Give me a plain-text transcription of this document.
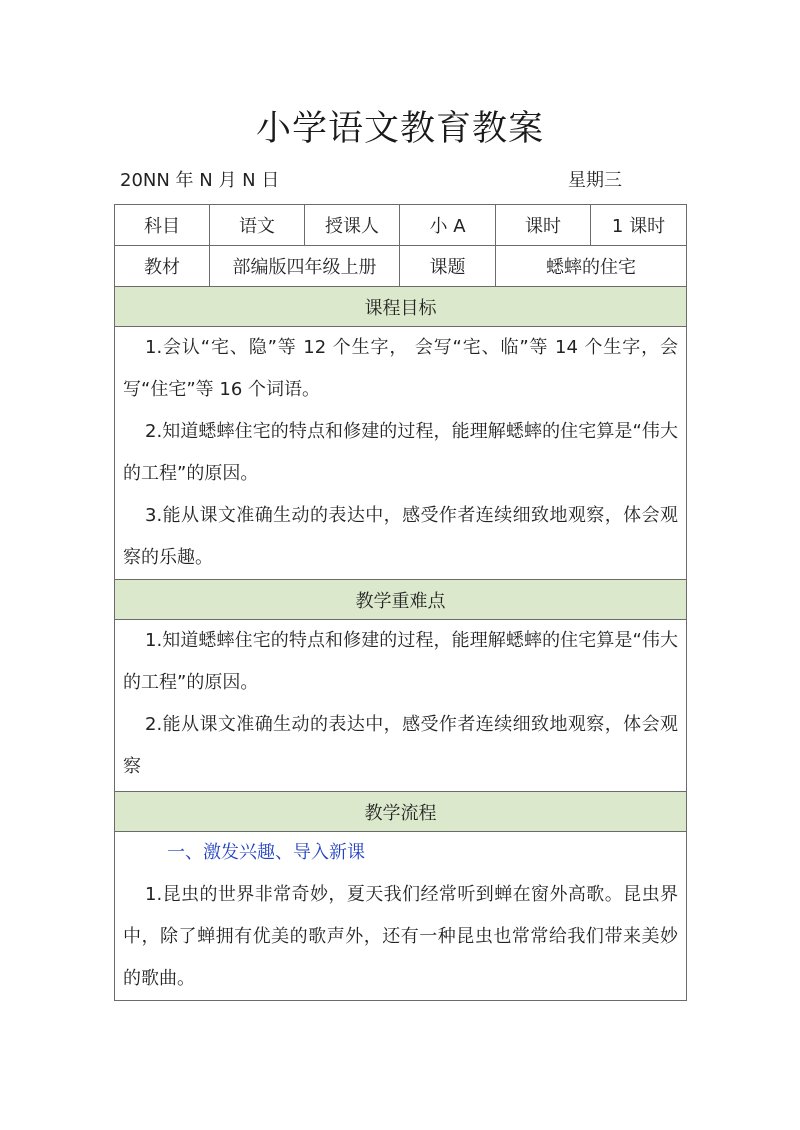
小学语文教育教案
20NN 年 N 月 N 日	星期三
科目	语文	授课人	小 A	课时	1 课时
教材	部编版四年级上册		课题	蟋蟀的住宅	
课程目标					

1.会认“宅、隐”等 12 个生字， 会写“宅、临”等 14 个生字，会写“住宅”等 16 个词语。

2.知道蟋蟀住宅的特点和修建的过程，能理解蟋蟀的住宅算是“伟大的工程”的原因。

3.能从课文准确生动的表达中，感受作者连续细致地观察，体会观察的乐趣。					

教学重难点					

1.知道蟋蟀住宅的特点和修建的过程，能理解蟋蟀的住宅算是“伟大的工程”的原因。

2.能从课文准确生动的表达中，感受作者连续细致地观察，体会观察					

教学流程					

一、激发兴趣、导入新课

1.昆虫的世界非常奇妙，夏天我们经常听到蝉在窗外高歌。昆虫界中，除了蝉拥有优美的歌声外，还有一种昆虫也常常给我们带来美妙的歌曲。					
